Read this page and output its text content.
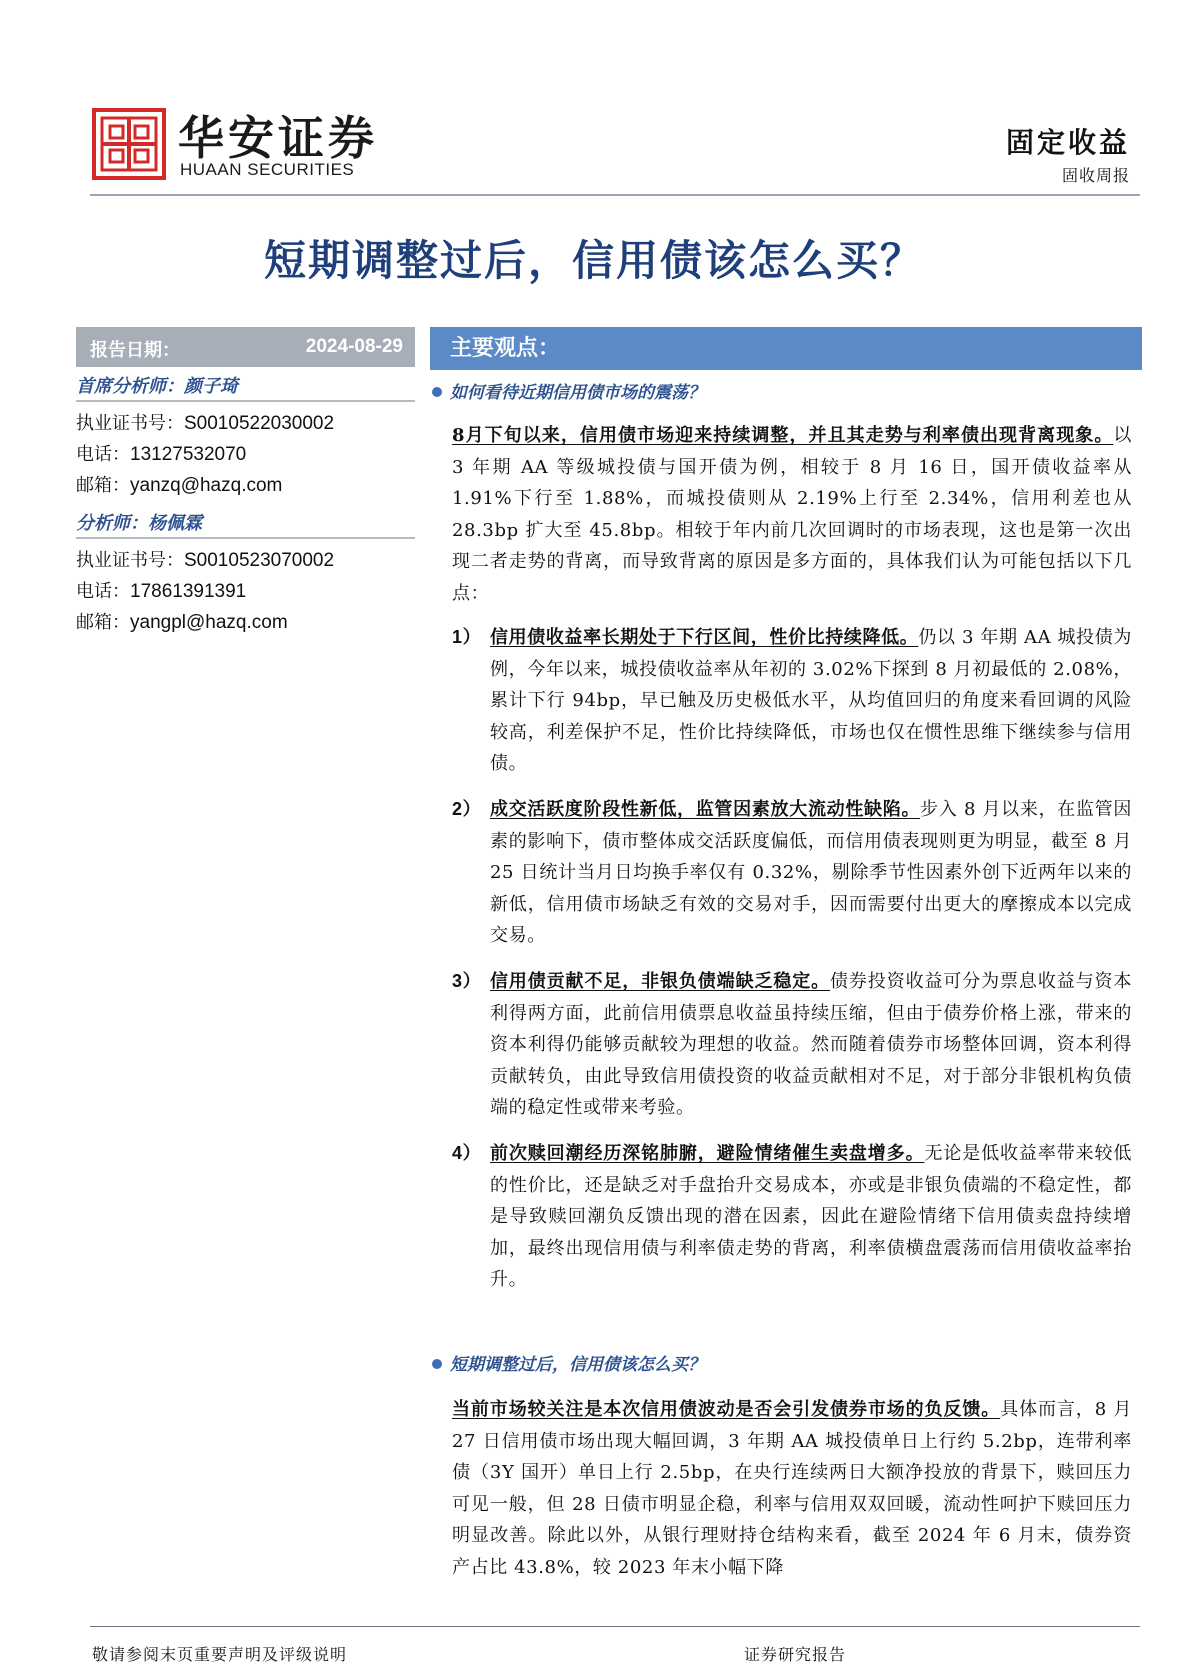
华安证券
HUAAN SECURITIES
固定收益
固收周报
短期调整过后，信用债该怎么买？
报告日期：	2024-08-29
首席分析师：颜子琦
执业证书号：S0010522030002
电话：13127532070
邮箱：yanzq@hazq.com
分析师：杨佩霖
执业证书号：S0010523070002
电话：17861391391
邮箱：yangpl@hazq.com
主要观点：
如何看待近期信用债市场的震荡？
8月下旬以来，信用债市场迎来持续调整，并且其走势与利率债出现背离现象。以 3 年期 AA 等级城投债与国开债为例，相较于 8 月 16 日，国开债收益率从 1.91%下行至 1.88%，而城投债则从 2.19%上行至 2.34%，信用利差也从 28.3bp 扩大至 45.8bp。相较于年内前几次回调时的市场表现，这也是第一次出现二者走势的背离，而导致背离的原因是多方面的，具体我们认为可能包括以下几点：
1） 信用债收益率长期处于下行区间，性价比持续降低。仍以 3 年期 AA 城投债为例，今年以来，城投债收益率从年初的 3.02%下探到 8 月初最低的 2.08%，累计下行 94bp，早已触及历史极低水平，从均值回归的角度来看回调的风险较高，利差保护不足，性价比持续降低，市场也仅在惯性思维下继续参与信用债。
2） 成交活跃度阶段性新低，监管因素放大流动性缺陷。步入 8 月以来，在监管因素的影响下，债市整体成交活跃度偏低，而信用债表现则更为明显，截至 8 月 25 日统计当月日均换手率仅有 0.32%，剔除季节性因素外创下近两年以来的新低，信用债市场缺乏有效的交易对手，因而需要付出更大的摩擦成本以完成交易。
3） 信用债贡献不足，非银负债端缺乏稳定。债券投资收益可分为票息收益与资本利得两方面，此前信用债票息收益虽持续压缩，但由于债券价格上涨，带来的资本利得仍能够贡献较为理想的收益。然而随着债券市场整体回调，资本利得贡献转负，由此导致信用债投资的收益贡献相对不足，对于部分非银机构负债端的稳定性或带来考验。
4） 前次赎回潮经历深铭肺腑，避险情绪催生卖盘增多。无论是低收益率带来较低的性价比，还是缺乏对手盘抬升交易成本，亦或是非银负债端的不稳定性，都是导致赎回潮负反馈出现的潜在因素，因此在避险情绪下信用债卖盘持续增加，最终出现信用债与利率债走势的背离，利率债横盘震荡而信用债收益率抬升。
短期调整过后，信用债该怎么买？
当前市场较关注是本次信用债波动是否会引发债券市场的负反馈。具体而言，8 月 27 日信用债市场出现大幅回调，3 年期 AA 城投债单日上行约 5.2bp，连带利率债（3Y 国开）单日上行 2.5bp，在央行连续两日大额净投放的背景下，赎回压力可见一般，但 28 日债市明显企稳，利率与信用双双回暖，流动性呵护下赎回压力明显改善。除此以外，从银行理财持仓结构来看，截至 2024 年 6 月末，债券资产占比 43.8%，较 2023 年末小幅下降
敬请参阅末页重要声明及评级说明	证券研究报告
